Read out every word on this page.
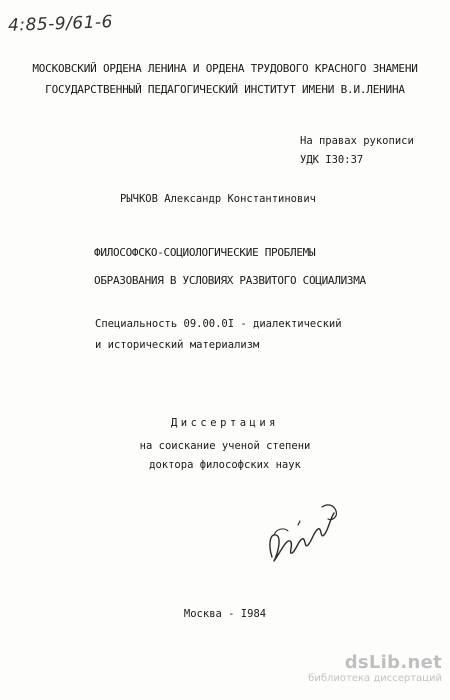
4:85-9/61-6
МОСКОВСКИЙ ОРДЕНА ЛЕНИНА И ОРДЕНА ТРУДОВОГО КРАСНОГО ЗНАМЕНИ
ГОСУДАРСТВЕННЫЙ ПЕДАГОГИЧЕСКИЙ ИНСТИТУТ ИМЕНИ В.И.ЛЕНИНА
На правах рукописи
УДК I30:37
РЫЧКОВ Александр Константинович
ФИЛОСОФСКО-СОЦИОЛОГИЧЕСКИЕ ПРОБЛЕМЫ
ОБРАЗОВАНИЯ В УСЛОВИЯХ РАЗВИТОГО СОЦИАЛИЗМА
Специальность 09.00.0I - диалектический
и исторический материализм
Диссертация
на соискание ученой степени
доктора философских наук
Москва - I984
dsLib.net
библиотека диссертаций
